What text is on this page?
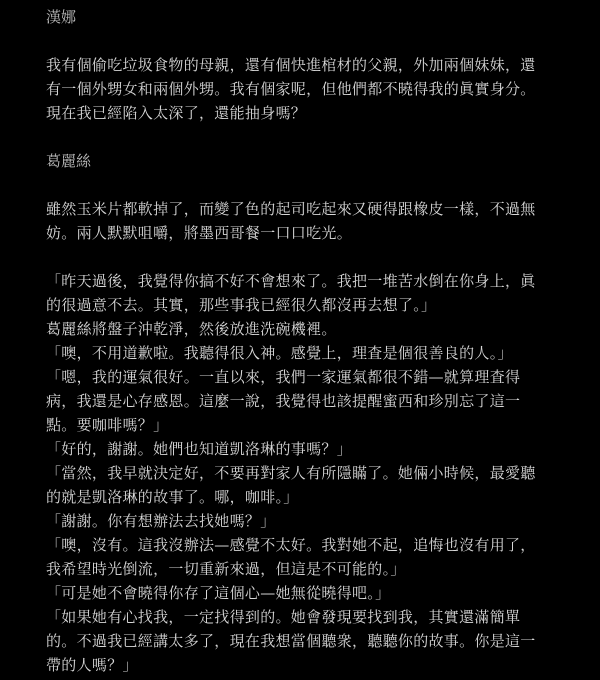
漢娜
我有個偷吃垃圾食物的母親，還有個快進棺材的父親，外加兩個妹妹，還
有一個外甥女和兩個外甥。我有個家呢，但他們都不曉得我的眞實身分。
現在我已經陷入太深了，還能抽身嗎？
葛麗絲
雖然玉米片都軟掉了，而變了色的起司吃起來又硬得跟橡皮一樣，不過無
妨。兩人默默咀嚼，將墨西哥餐一口口吃光。
「昨天過後，我覺得你搞不好不會想來了。我把一堆苦水倒在你身上，眞
的很過意不去。其實，那些事我已經很久都沒再去想了。」
葛麗絲將盤子沖乾淨，然後放進洗碗機裡。
「噢，不用道歉啦。我聽得很入神。感覺上，理査是個很善良的人。」
「嗯，我的運氣很好。一直以來，我們一家運氣都很不錯—就算理査得
病，我還是心存感恩。這麼一說，我覺得也該提醒蜜西和珍別忘了這一
點。要咖啡嗎？」
「好的，謝謝。她們也知道凱洛琳的事嗎？」
「當然，我早就決定好，不要再對家人有所隱瞞了。她倆小時候，最愛聽
的就是凱洛琳的故事了。哪，咖啡。」
「謝謝。你有想辦法去找她嗎？」
「噢，沒有。這我沒辦法—感覺不太好。我對她不起，追悔也沒有用了，
我希望時光倒流，一切重新來過，但這是不可能的。」
「可是她不會曉得你存了這個心—她無從曉得吧。」
「如果她有心找我，一定找得到的。她會發現要找到我，其實還滿簡單
的。不過我已經講太多了，現在我想當個聽衆，聽聽你的故事。你是這一
帶的人嗎？」
